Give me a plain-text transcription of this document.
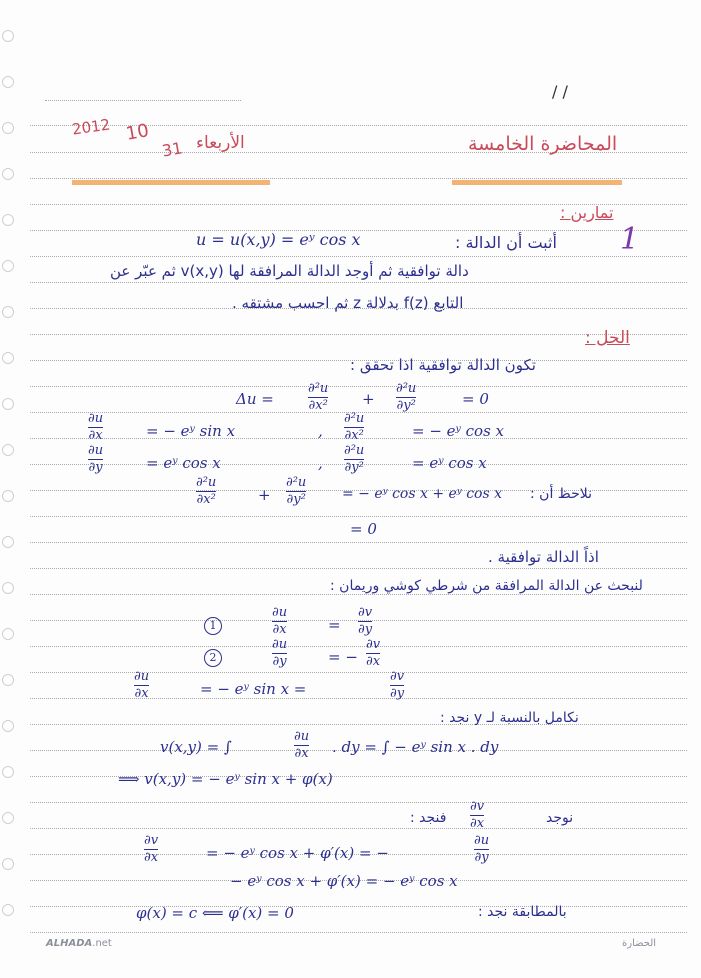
/ /
2012 10
31 الأربعاء	المحاضرة الخامسة
تمارين :
1
أثبت أن الدالة :
u = u(x,y) = eʸ cos x
دالة توافقية ثم أوجد الدالة المرافقة لها (v(x,y ثم عبّر عن
التابع f(z) بدلالة z ثم احسب مشتقه .
الحل :
تكون الدالة توافقية اذا تحقق :
Δu =
∂²u
∂x² +
∂²u
∂y²	= 0
∂u
∂x	= − eʸ sin x	,
∂²u
∂x²	= − eʸ cos x
∂u
∂y	= eʸ cos x	,
∂²u
∂y²	= eʸ cos x
∂²u
∂x²	+
∂²u
∂y²	= − eʸ cos x + eʸ cos x نلاحظ أن :
= 0
اذاً الدالة توافقية .
لنبحث عن الدالة المرافقة من شرطي كوشي وريمان :
1
∂u
∂x	=
∂v
∂y
2
∂u
∂y	= −
∂v
∂x
∂u
∂x	= − eʸ sin x =
∂v
∂y
نكامل بالنسبة لـ y نجد :
v(x,y) = ∫
∂u
∂x . dy = ∫ − eʸ sin x . dy
⟹ v(x,y) = − eʸ sin x + φ(x)
نوجد
∂v
∂x
فنجد :
∂v
∂x	= − eʸ cos x + φ′(x) = −
∂u
∂y
− eʸ cos x + φ′(x) = − eʸ cos x
φ(x) = c ⟸ φ′(x) = 0	بالمطابقة نجد :
ALHADA.net	الحضارة
